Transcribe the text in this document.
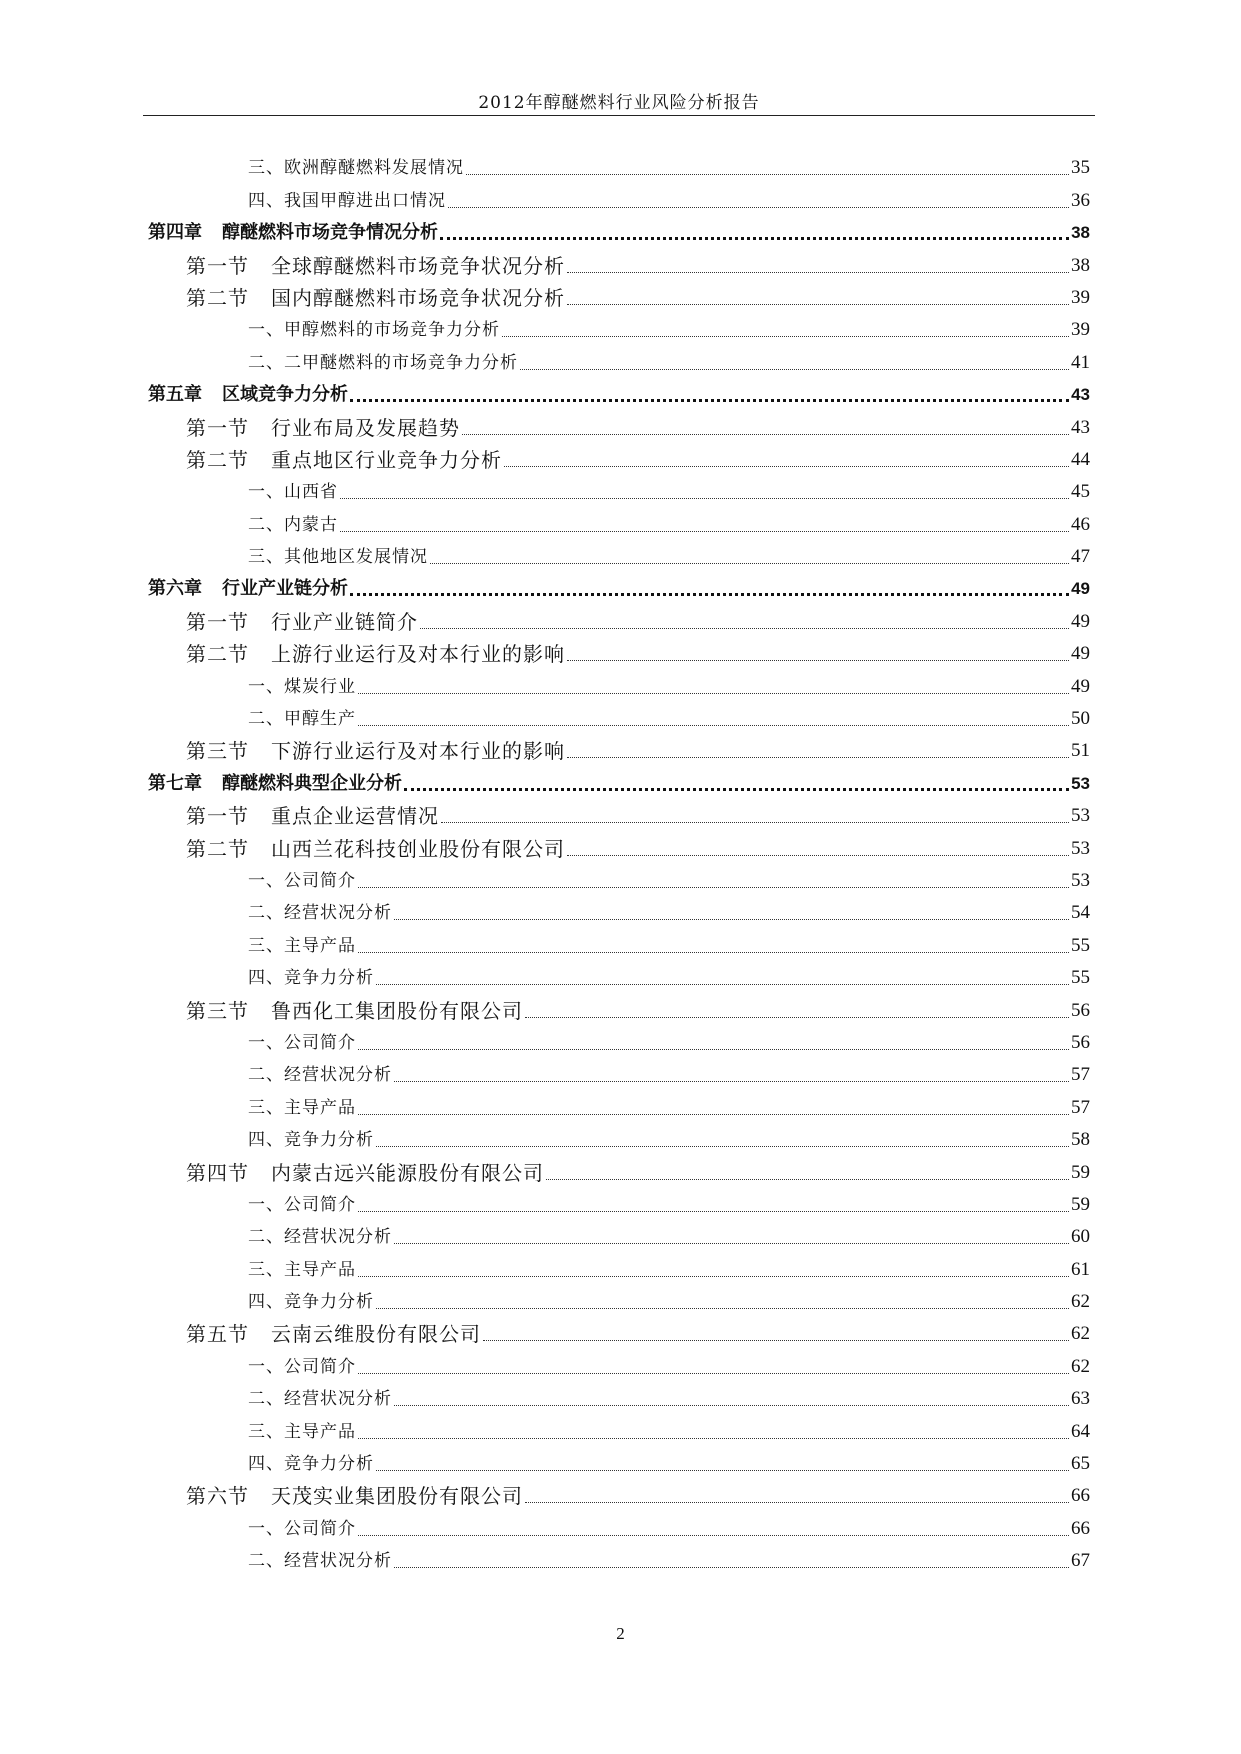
2012年醇醚燃料行业风险分析报告
三、欧洲醇醚燃料发展情况	35
四、我国甲醇进出口情况	36
第四章 醇醚燃料市场竞争情况分析	38
第一节 全球醇醚燃料市场竞争状况分析	38
第二节 国内醇醚燃料市场竞争状况分析	39
一、甲醇燃料的市场竞争力分析	39
二、二甲醚燃料的市场竞争力分析	41
第五章 区域竞争力分析	43
第一节 行业布局及发展趋势	43
第二节 重点地区行业竞争力分析	44
一、山西省	45
二、内蒙古	46
三、其他地区发展情况	47
第六章 行业产业链分析	49
第一节 行业产业链简介	49
第二节 上游行业运行及对本行业的影响	49
一、煤炭行业	49
二、甲醇生产	50
第三节 下游行业运行及对本行业的影响	51
第七章 醇醚燃料典型企业分析	53
第一节 重点企业运营情况	53
第二节 山西兰花科技创业股份有限公司	53
一、公司简介	53
二、经营状况分析	54
三、主导产品	55
四、竞争力分析	55
第三节 鲁西化工集团股份有限公司	56
一、公司简介	56
二、经营状况分析	57
三、主导产品	57
四、竞争力分析	58
第四节 内蒙古远兴能源股份有限公司	59
一、公司简介	59
二、经营状况分析	60
三、主导产品	61
四、竞争力分析	62
第五节 云南云维股份有限公司	62
一、公司简介	62
二、经营状况分析	63
三、主导产品	64
四、竞争力分析	65
第六节 天茂实业集团股份有限公司	66
一、公司简介	66
二、经营状况分析	67
2
